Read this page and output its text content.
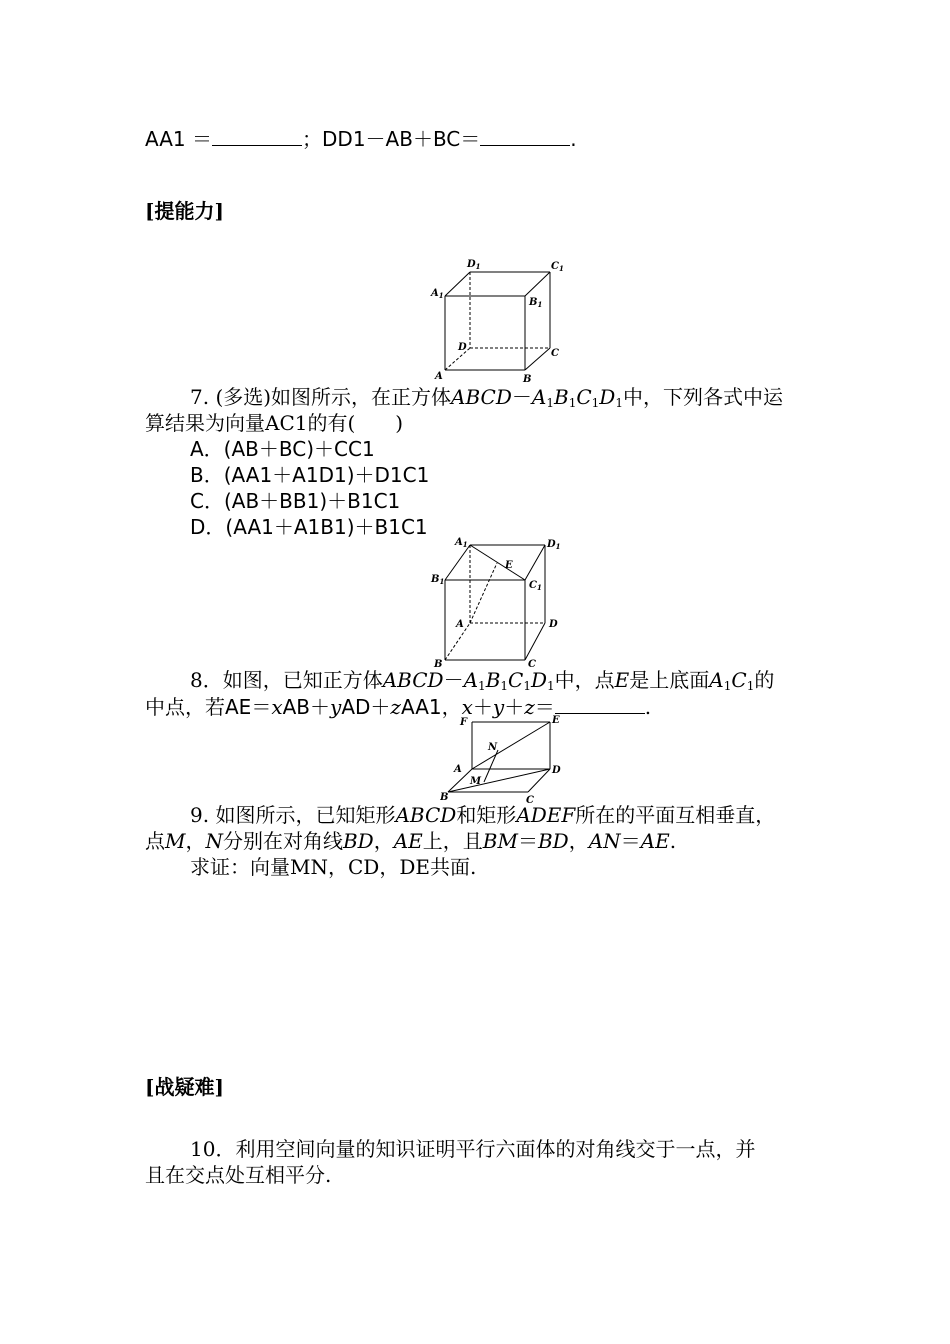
AA1 ＝	；DD1－AB＋BC＝	.
[提能力]
$D_1$	$C_1$
$A_1$
$B_1$
D
C
A	B
7. (多选)如图所示，在正方体$ABCD-A_1B_1C_1D_1$中，下列各式中运
算结果为向量AC1的有(　　)
A．(AB＋BC)＋CC1
B．(AA1＋A1D1)＋D1C1
C．(AB＋BB1)＋B1C1
D．(AA1＋A1B1)＋B1C1
$A_1$	$D_1$
E
$B_1$	$C_1$
A	D
B	C
8．如图，已知正方体$ABCD-A_1B_1C_1D_1$中，点E是上底面$A_1C_1$的
中点，若AE＝xAB＋yAD＋zAA1，x＋y＋z＝	.
F	E
N
A
M
D
B	C
9. 如图所示，已知矩形ABCD和矩形ADEF所在的平面互相垂直，
点M，N分别在对角线BD，AE上，且BM＝BD，AN＝AE.
求证：向量MN，CD，DE共面.
[战疑难]
10．利用空间向量的知识证明平行六面体的对角线交于一点，并
且在交点处互相平分.
